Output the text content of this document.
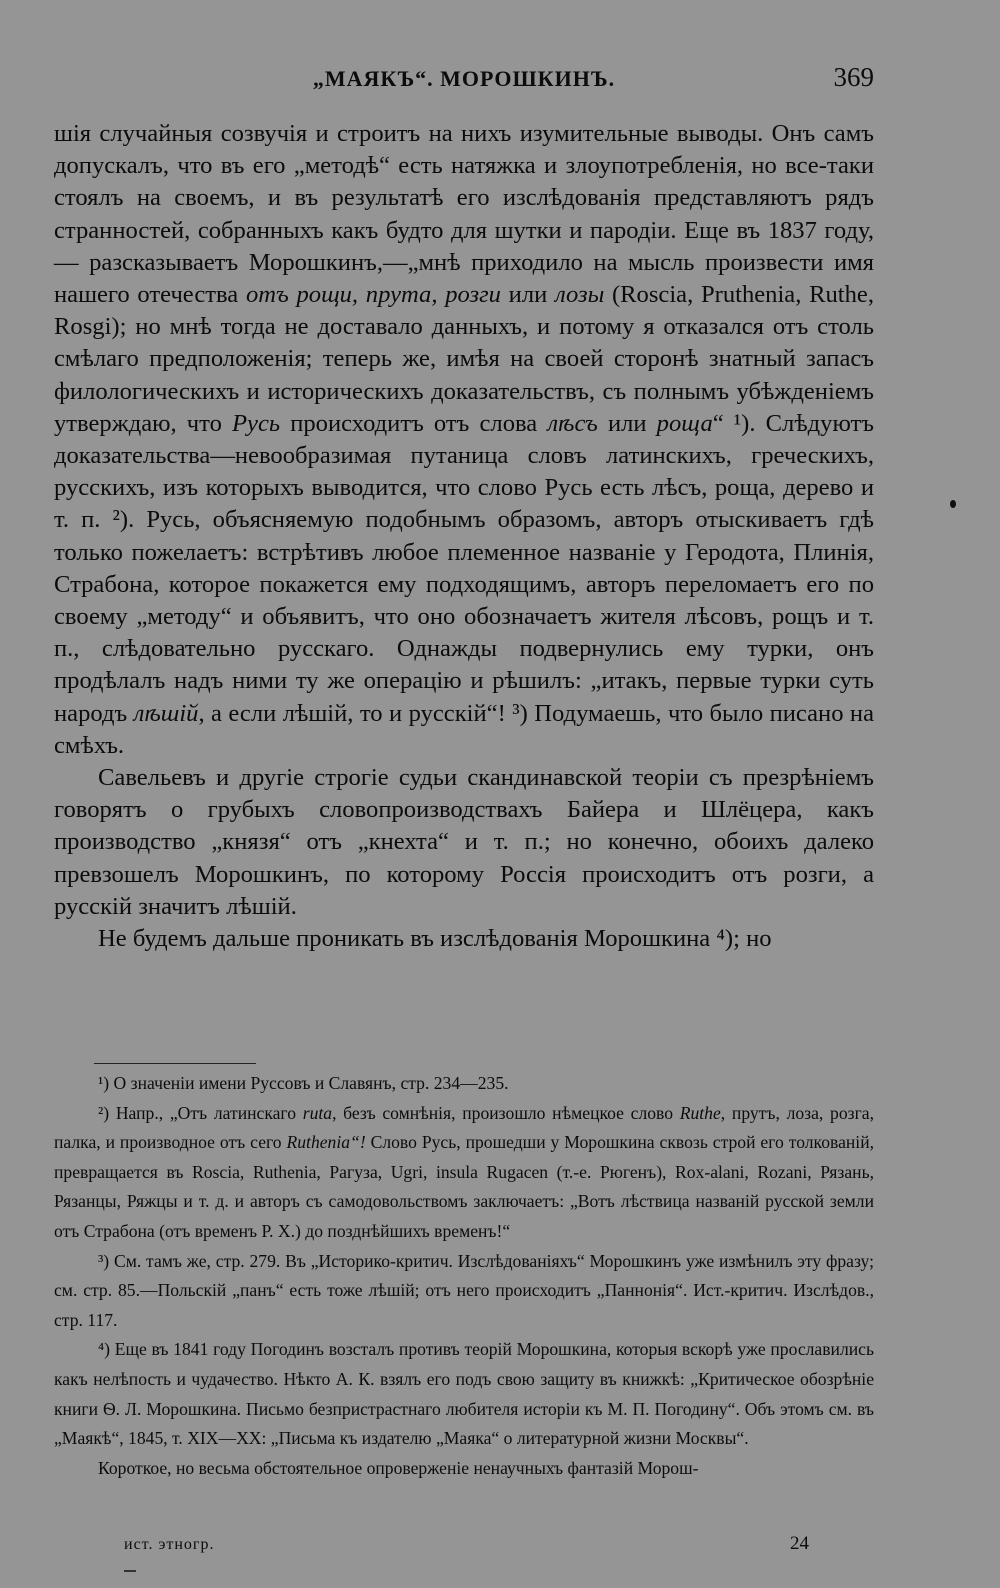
„МАЯКЪ“. МОРОШКИНЪ.	369

шія случайныя созвучія и строитъ на нихъ изумительные выводы. Онъ самъ допускалъ, что въ его „методѣ“ есть натяжка и злоупотребленія, но все-таки стоялъ на своемъ, и въ результатѣ его изслѣдованія представляютъ рядъ странностей, собранныхъ какъ будто для шутки и пародіи. Еще въ 1837 году, — разсказываетъ Морошкинъ,—„мнѣ приходило на мысль произвести имя нашего отечества отъ рощи, прута, розги или лозы (Roscia, Pruthenia, Ruthe, Rosgi); но мнѣ тогда не доставало данныхъ, и потому я отказался отъ столь смѣлаго предположенія; теперь же, имѣя на своей сторонѣ знатный запасъ филологическихъ и историческихъ доказательствъ, съ полнымъ убѣжденіемъ утверждаю, что Русь происходитъ отъ слова лѣсъ или роща“ ¹). Слѣдуютъ доказательства—невообразимая путаница словъ латинскихъ, греческихъ, русскихъ, изъ которыхъ выводится, что слово Русь есть лѣсъ, роща, дерево и т. п. ²). Русь, объясняемую подобнымъ образомъ, авторъ отыскиваетъ гдѣ только пожелаетъ: встрѣтивъ любое племенное названіе у Геродота, Плинія, Страбона, которое покажется ему подходящимъ, авторъ переломаетъ его по своему „методу“ и объявитъ, что оно обозначаетъ жителя лѣсовъ, рощъ и т. п., слѣдовательно русскаго. Однажды подвернулись ему турки, онъ продѣлалъ надъ ними ту же операцію и рѣшилъ: „итакъ, первые турки суть народъ лѣшій, а если лѣшій, то и русскій“! ³) Подумаешь, что было писано на смѣхъ.

Савельевъ и другіе строгіе судьи скандинавской теоріи съ презрѣніемъ говорятъ о грубыхъ словопроизводствахъ Байера и Шлёцера, какъ производство „князя“ отъ „кнехта“ и т. п.; но конечно, обоихъ далеко превзошелъ Морошкинъ, по которому Россія происходитъ отъ розги, а русскій значитъ лѣшій.

Не будемъ дальше проникать въ изслѣдованія Морошкина ⁴); но

¹) О значеніи имени Руссовъ и Славянъ, стр. 234—235.

²) Напр., „Отъ латинскаго ruta, безъ сомнѣнія, произошло нѣмецкое слово Ruthe, прутъ, лоза, розга, палка, и производное отъ сего Ruthenia“! Слово Русь, прошедши у Морошкина сквозь строй его толкованій, превращается въ Roscia, Ruthenia, Рагуза, Ugri, insula Rugacen (т.-е. Рюгенъ), Rox-alani, Rozani, Рязань, Рязанцы, Ряжцы и т. д. и авторъ съ самодовольствомъ заключаетъ: „Вотъ лѣствица названій русской земли отъ Страбона (отъ временъ Р. Х.) до позднѣйшихъ временъ!“

³) См. тамъ же, стр. 279. Въ „Историко-критич. Изслѣдованіяхъ“ Морошкинъ уже измѣнилъ эту фразу; см. стр. 85.—Польскій „панъ“ есть тоже лѣшій; отъ него происходитъ „Паннонія“. Ист.-критич. Изслѣдов., стр. 117.

⁴) Еще въ 1841 году Погодинъ возсталъ противъ теорій Морошкина, которыя вскорѣ уже прославились какъ нелѣпость и чудачество. Нѣкто А. К. взялъ его подъ свою защиту въ книжкѣ: „Критическое обозрѣніе книги Ѳ. Л. Морошкина. Письмо безпристрастнаго любителя исторіи къ М. П. Погодину“. Объ этомъ см. въ „Маякѣ“, 1845, т. XIX—XX: „Письма къ издателю „Маяка“ о литературной жизни Москвы“.

Короткое, но весьма обстоятельное опроверженіе ненаучныхъ фантазій Морош-

ист. этногр.	24
